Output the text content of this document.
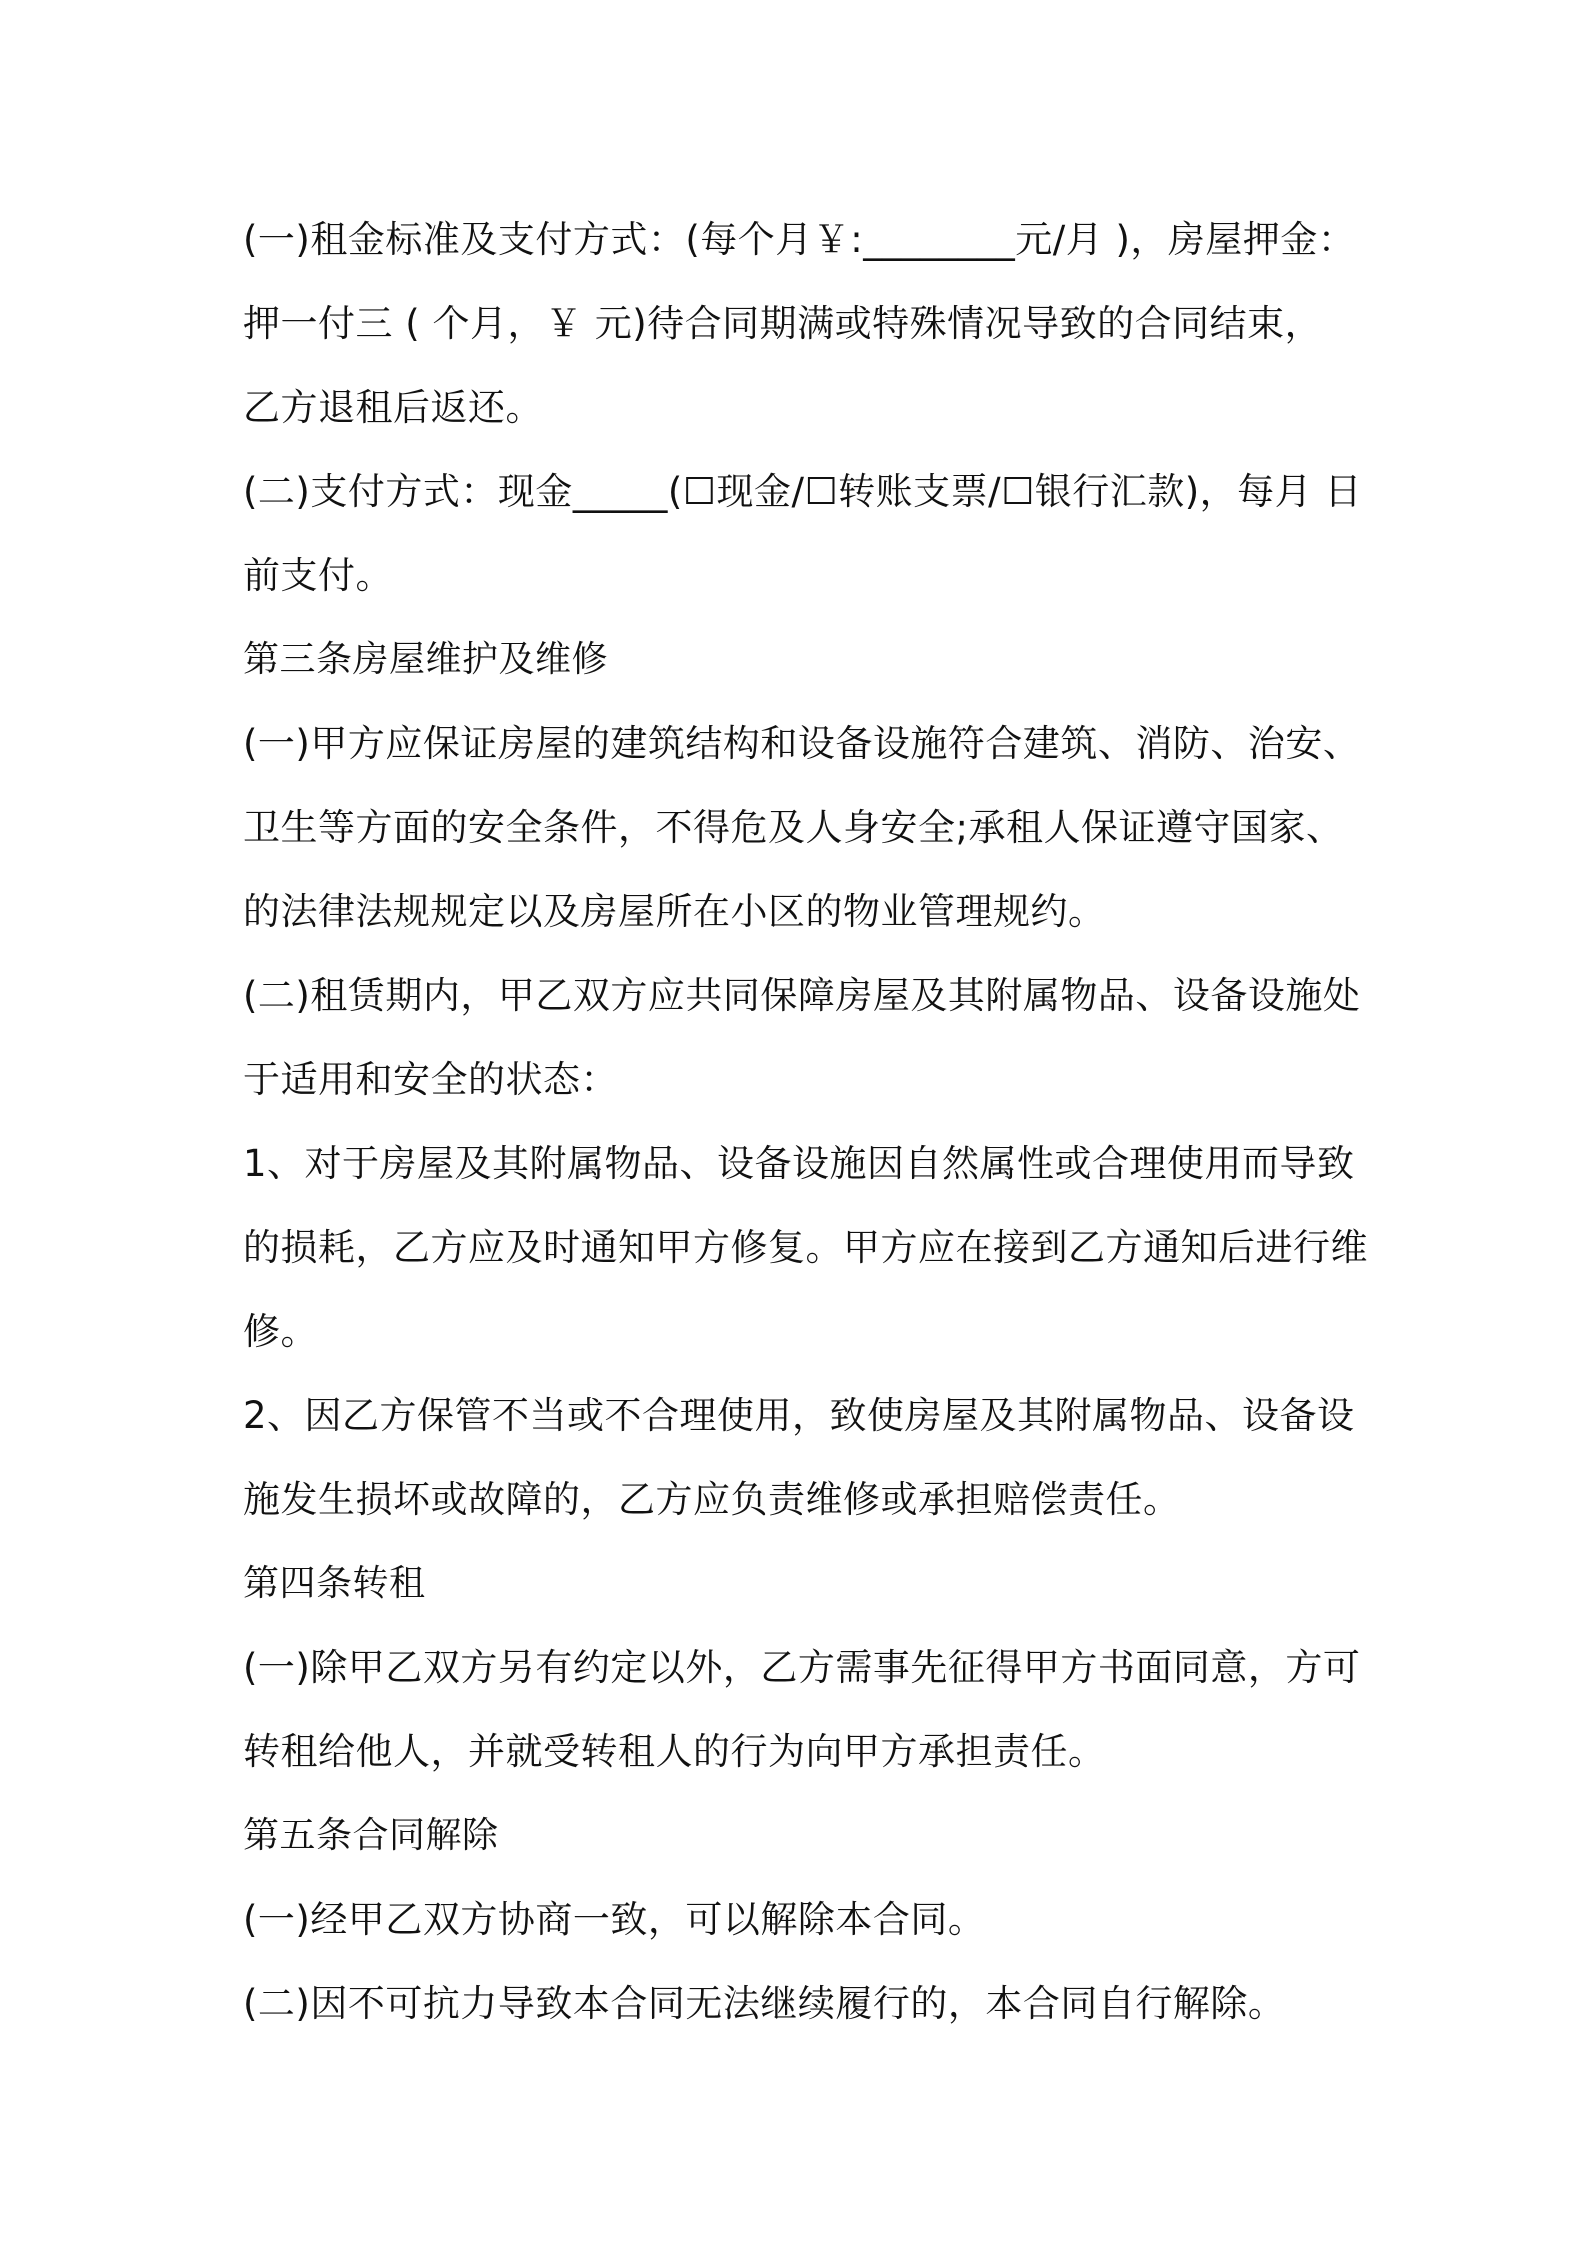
(一)租金标准及支付方式：(每个月￥:________元/月 )，房屋押金：
押一付三 ( 个月，￥ 元)待合同期满或特殊情况导致的合同结束，
乙方退租后返还。
(二)支付方式：现金_____(☐现金/☐转账支票/☐银行汇款)，每月 日
前支付。
第三条房屋维护及维修
(一)甲方应保证房屋的建筑结构和设备设施符合建筑、消防、治安、
卫生等方面的安全条件，不得危及人身安全;承租人保证遵守国家、
的法律法规规定以及房屋所在小区的物业管理规约。
(二)租赁期内，甲乙双方应共同保障房屋及其附属物品、设备设施处
于适用和安全的状态：
1、对于房屋及其附属物品、设备设施因自然属性或合理使用而导致
的损耗，乙方应及时通知甲方修复。甲方应在接到乙方通知后进行维
修。
2、因乙方保管不当或不合理使用，致使房屋及其附属物品、设备设
施发生损坏或故障的，乙方应负责维修或承担赔偿责任。
第四条转租
(一)除甲乙双方另有约定以外，乙方需事先征得甲方书面同意，方可
转租给他人，并就受转租人的行为向甲方承担责任。
第五条合同解除
(一)经甲乙双方协商一致，可以解除本合同。
(二)因不可抗力导致本合同无法继续履行的，本合同自行解除。
